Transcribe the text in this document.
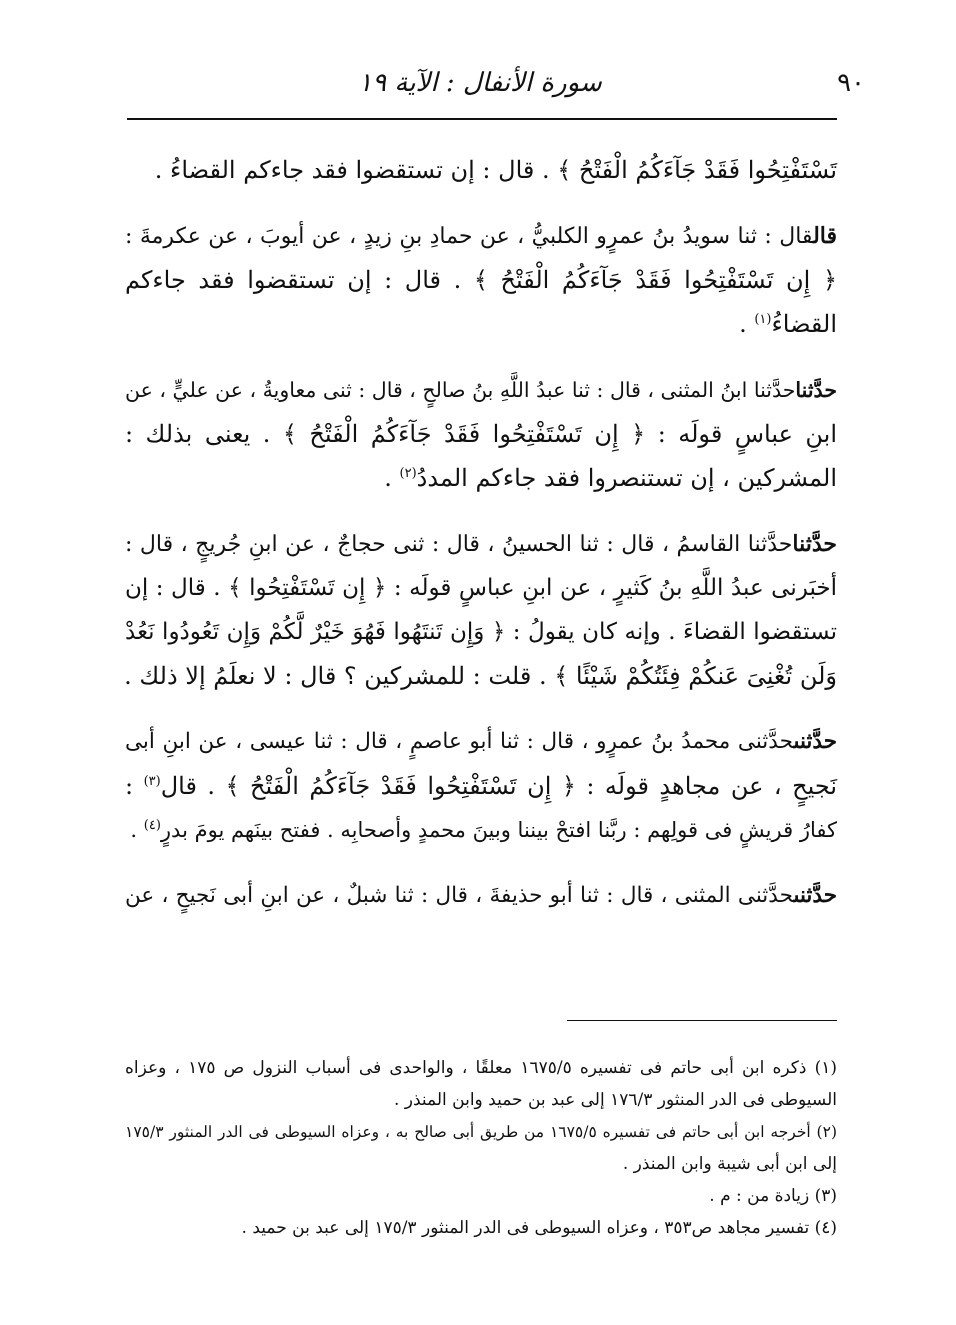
٩٠
سورة الأنفال : الآية ١٩
تَسْتَفْتِحُوا فَقَدْ جَآءَكُمُ الْفَتْحُ ﴾ . قال : إن تستقضوا فقد جاءكم القضاءُ .
قالقال : ثنا سويدُ بنُ عمرٍو الكلبيُّ ، عن حمادِ بنِ زيدٍ ، عن أيوبَ ، عن عكرمةَ :
﴿ إِن تَسْتَفْتِحُوا فَقَدْ جَآءَكُمُ الْفَتْحُ ﴾ . قال : إن تستقضوا فقد جاءكم
القضاءُ$^{(١)}$ .
حدَّثناحدَّثنا ابنُ المثنى ، قال : ثنا عبدُ اللَّهِ بنُ صالحٍ ، قال : ثنى معاويةُ ، عن عليٍّ ، عن
ابنِ عباسٍ قولَه : ﴿ إِن تَسْتَفْتِحُوا فَقَدْ جَآءَكُمُ الْفَتْحُ ﴾ . يعنى بذلك :
المشركين ، إن تستنصروا فقد جاءكم المددُ$^{(٢)}$ .
حدَّثناحدَّثنا القاسمُ ، قال : ثنا الحسينُ ، قال : ثنى حجاجٌ ، عن ابنِ جُريجٍ ، قال :
أخبَرنى عبدُ اللَّهِ بنُ كَثيرٍ ، عن ابنِ عباسٍ قولَه : ﴿ إِن تَسْتَفْتِحُوا ﴾ . قال : إن
تستقضوا القضاءَ . وإنه كان يقولُ : ﴿ وَإِن تَنتَهُوا فَهُوَ خَيْرٌ لَّكُمْ وَإِن تَعُودُوا نَعُدْ
وَلَن تُغْنِىَ عَنكُمْ فِئَتُكُمْ شَيْئًا ﴾ . قلت : للمشركين ؟ قال : لا نعلَمُ إلا ذلك .
حدَّثنىحدَّثنى محمدُ بنُ عمرٍو ، قال : ثنا أبو عاصمٍ ، قال : ثنا عيسى ، عن ابنِ أبى
نَجيحٍ ، عن مجاهدٍ قولَه : ﴿ إِن تَسْتَفْتِحُوا فَقَدْ جَآءَكُمُ الْفَتْحُ ﴾ . قال$^{(٣)}$ :
كفارُ قريشٍ فى قولِهم : ربَّنا افتحْ بيننا وبينَ محمدٍ وأصحابِه . ففتح بينَهم يومَ بدرٍ$^{(٤)}$ .
حدَّثنىحدَّثنى المثنى ، قال : ثنا أبو حذيفةَ ، قال : ثنا شبلٌ ، عن ابنِ أبى نَجيحٍ ، عن
(١) ذكره ابن أبى حاتم فى تفسيره ١٦٧٥/٥ معلقًا ، والواحدى فى أسباب النزول ص ١٧٥ ، وعزاه
السيوطى فى الدر المنثور ١٧٦/٣ إلى عبد بن حميد وابن المنذر .
(٢) أخرجه ابن أبى حاتم فى تفسيره ١٦٧٥/٥ من طريق أبى صالح به ، وعزاه السيوطى فى الدر المنثور ١٧٥/٣
إلى ابن أبى شيبة وابن المنذر .
(٣) زيادة من : م .
(٤) تفسير مجاهد ص٣٥٣ ، وعزاه السيوطى فى الدر المنثور ١٧٥/٣ إلى عبد بن حميد .
